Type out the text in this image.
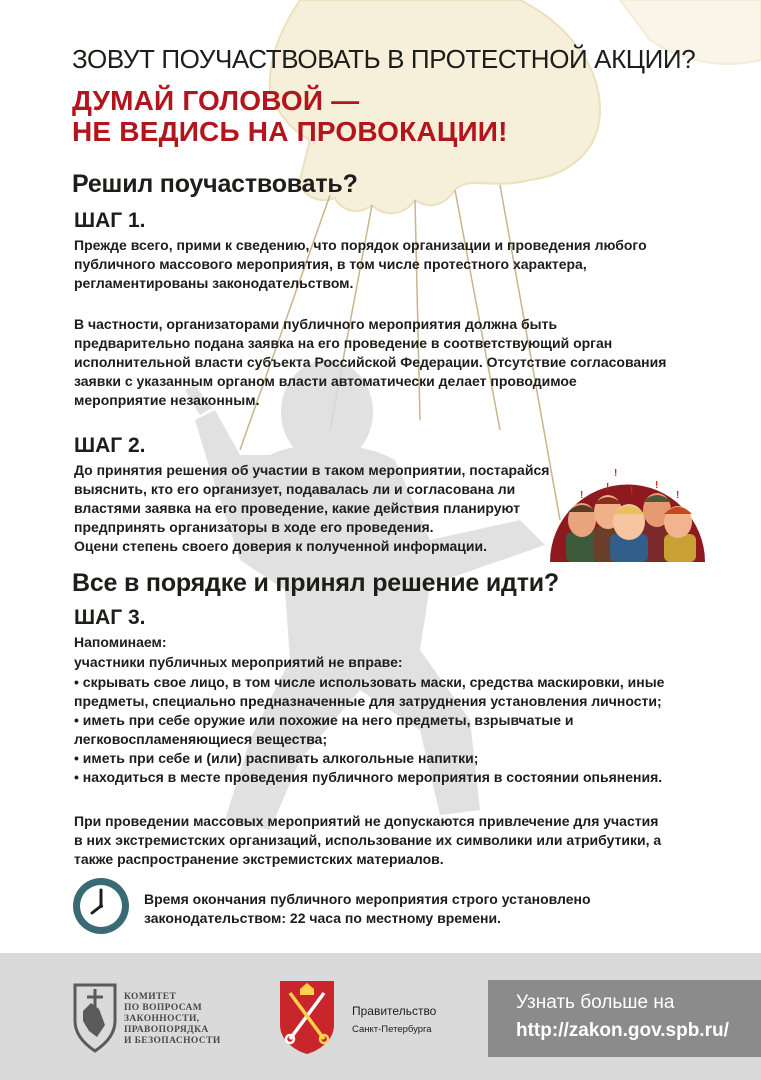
ЗОВУТ ПОУЧАСТВОВАТЬ В ПРОТЕСТНОЙ АКЦИИ?
ДУМАЙ ГОЛОВОЙ —
НЕ ВЕДИСЬ НА ПРОВОКАЦИИ!
Решил поучаствовать?
ШАГ 1.
Прежде всего, прими к сведению, что порядок организации и проведения любого
публичного массового мероприятия, в том числе протестного характера,
регламентированы законодательством.
В частности, организаторами публичного мероприятия должна быть
предварительно подана заявка на его проведение в соответствующий орган
исполнительной власти субъекта Российской Федерации. Отсутствие согласования
заявки с указанным органом власти автоматически делает проводимое
мероприятие незаконным.
ШАГ 2.
До принятия решения об участии в таком мероприятии, постарайся
выяснить, кто его организует, подавалась ли и согласована ли
властями заявка на его проведение, какие действия планируют
предпринять организаторы в ходе его проведения.
Оцени степень своего доверия к полученной информации.
!
! !
!
!
!
Все в порядке и принял решение идти?
ШАГ 3.
Напоминаем:
участники публичных мероприятий не вправе:
• скрывать свое лицо, в том числе использовать маски, средства маскировки, иные
предметы, специально предназначенные для затруднения установления личности;
• иметь при себе оружие или похожие на него предметы, взрывчатые и
легковоспламеняющиеся вещества;
• иметь при себе и (или) распивать алкогольные напитки;
• находиться в месте проведения публичного мероприятия в состоянии опьянения.
При проведении массовых мероприятий не допускаются привлечение для участия
в них экстремистских организаций, использование их символики или атрибутики, а
также распространение экстремистских материалов.
Время окончания публичного мероприятия строго установлено
законодательством: 22 часа по местному времени.
КОМИТЕТ
ПО ВОПРОСАМ
ЗАКОННОСТИ,
ПРАВОПОРЯДКА
И БЕЗОПАСНОСТИ
Правительство
Санкт-Петербурга
Узнать больше на
http://zakon.gov.spb.ru/
